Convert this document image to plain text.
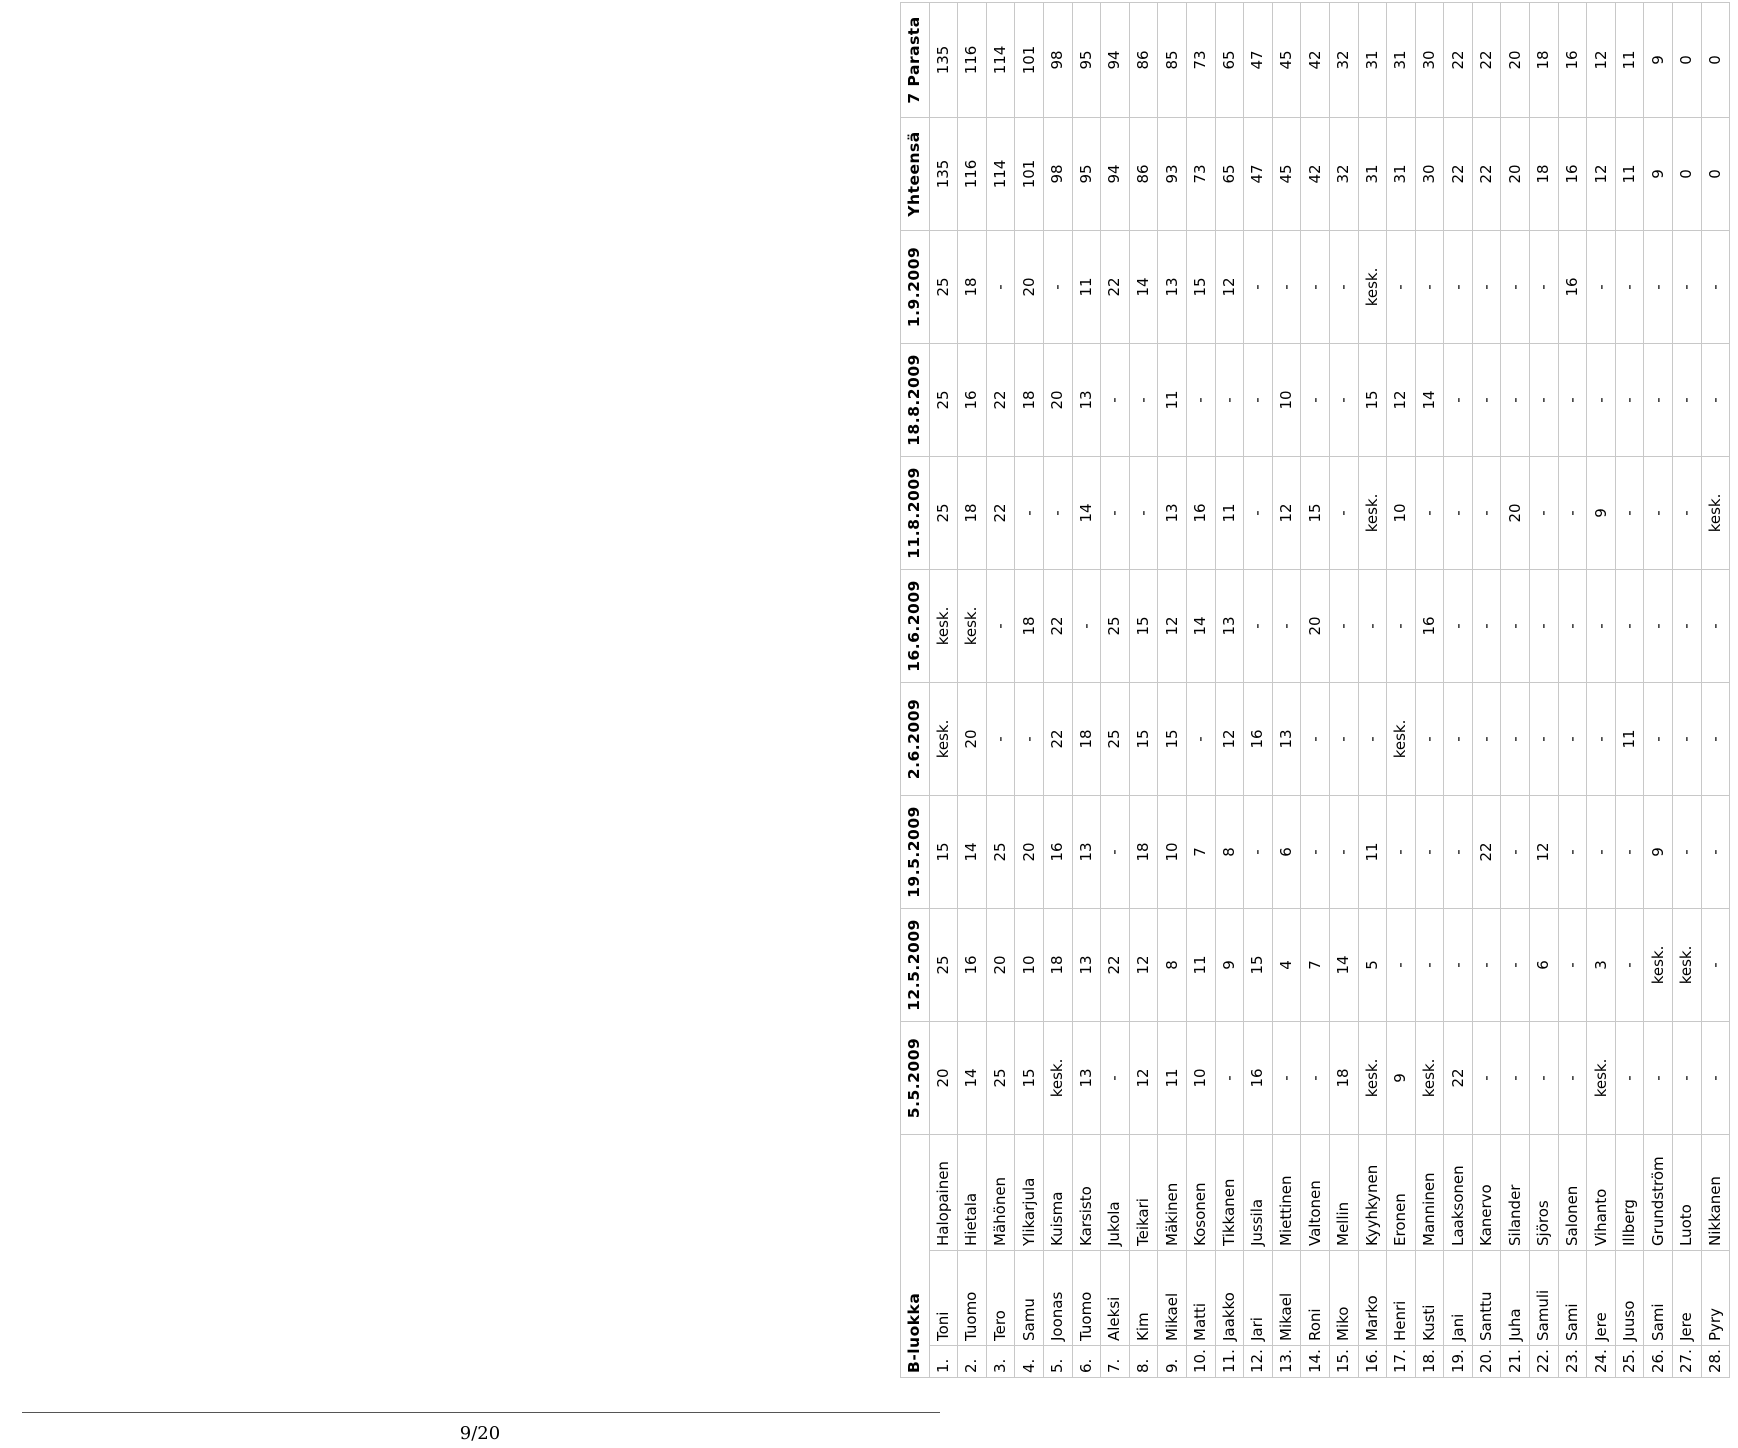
B-luokka			5.5.2009	12.5.2009	19.5.2009	2.6.2009	16.6.2009	11.8.2009	18.8.2009	1.9.2009	Yhteensä	7 Parasta
1.	Toni	Halopainen	20	25	15	kesk.	kesk.	25	25	25	135	135
2.	Tuomo	Hietala	14	16	14	20	kesk.	18	16	18	116	116
3.	Tero	Mähönen	25	20	25	-	-	22	22	-	114	114
4.	Samu	Ylikarjula	15	10	20	-	18	-	18	20	101	101
5.	Joonas	Kuisma	kesk.	18	16	22	22	-	20	-	98	98
6.	Tuomo	Karsisto	13	13	13	18	-	14	13	11	95	95
7.	Aleksi	Jukola	-	22	-	25	25	-	-	22	94	94
8.	Kim	Teikari	12	12	18	15	15	-	-	14	86	86
9.	Mikael	Mäkinen	11	8	10	15	12	13	11	13	93	85
10.	Matti	Kosonen	10	11	7	-	14	16	-	15	73	73
11.	Jaakko	Tikkanen	-	9	8	12	13	11	-	12	65	65
12.	Jari	Jussila	16	15	-	16	-	-	-	-	47	47
13.	Mikael	Miettinen	-	4	6	13	-	12	10	-	45	45
14.	Roni	Valtonen	-	7	-	-	20	15	-	-	42	42
15.	Miko	Mellin	18	14	-	-	-	-	-	-	32	32
16.	Marko	Kyyhkynen	kesk.	5	11	-	-	kesk.	15	kesk.	31	31
17.	Henri	Eronen	9	-	-	kesk.	-	10	12	-	31	31
18.	Kusti	Manninen	kesk.	-	-	-	16	-	14	-	30	30
19.	Jani	Laaksonen	22	-	-	-	-	-	-	-	22	22
20.	Santtu	Kanervo	-	-	22	-	-	-	-	-	22	22
21.	Juha	Silander	-	-	-	-	-	20	-	-	20	20
22.	Samuli	Sjöros	-	6	12	-	-	-	-	-	18	18
23.	Sami	Salonen	-	-	-	-	-	-	-	16	16	16
24.	Jere	Vihanto	kesk.	3	-	-	-	9	-	-	12	12
25.	Juuso	Illberg	-	-	-	11	-	-	-	-	11	11
26.	Sami	Grundström	-	kesk.	9	-	-	-	-	-	9	9
27.	Jere	Luoto	-	kesk.	-	-	-	-	-	-	0	0
28.	Pyry	Nikkanen	-	-	-	-	-	kesk.	-	-	0	0
9/20
